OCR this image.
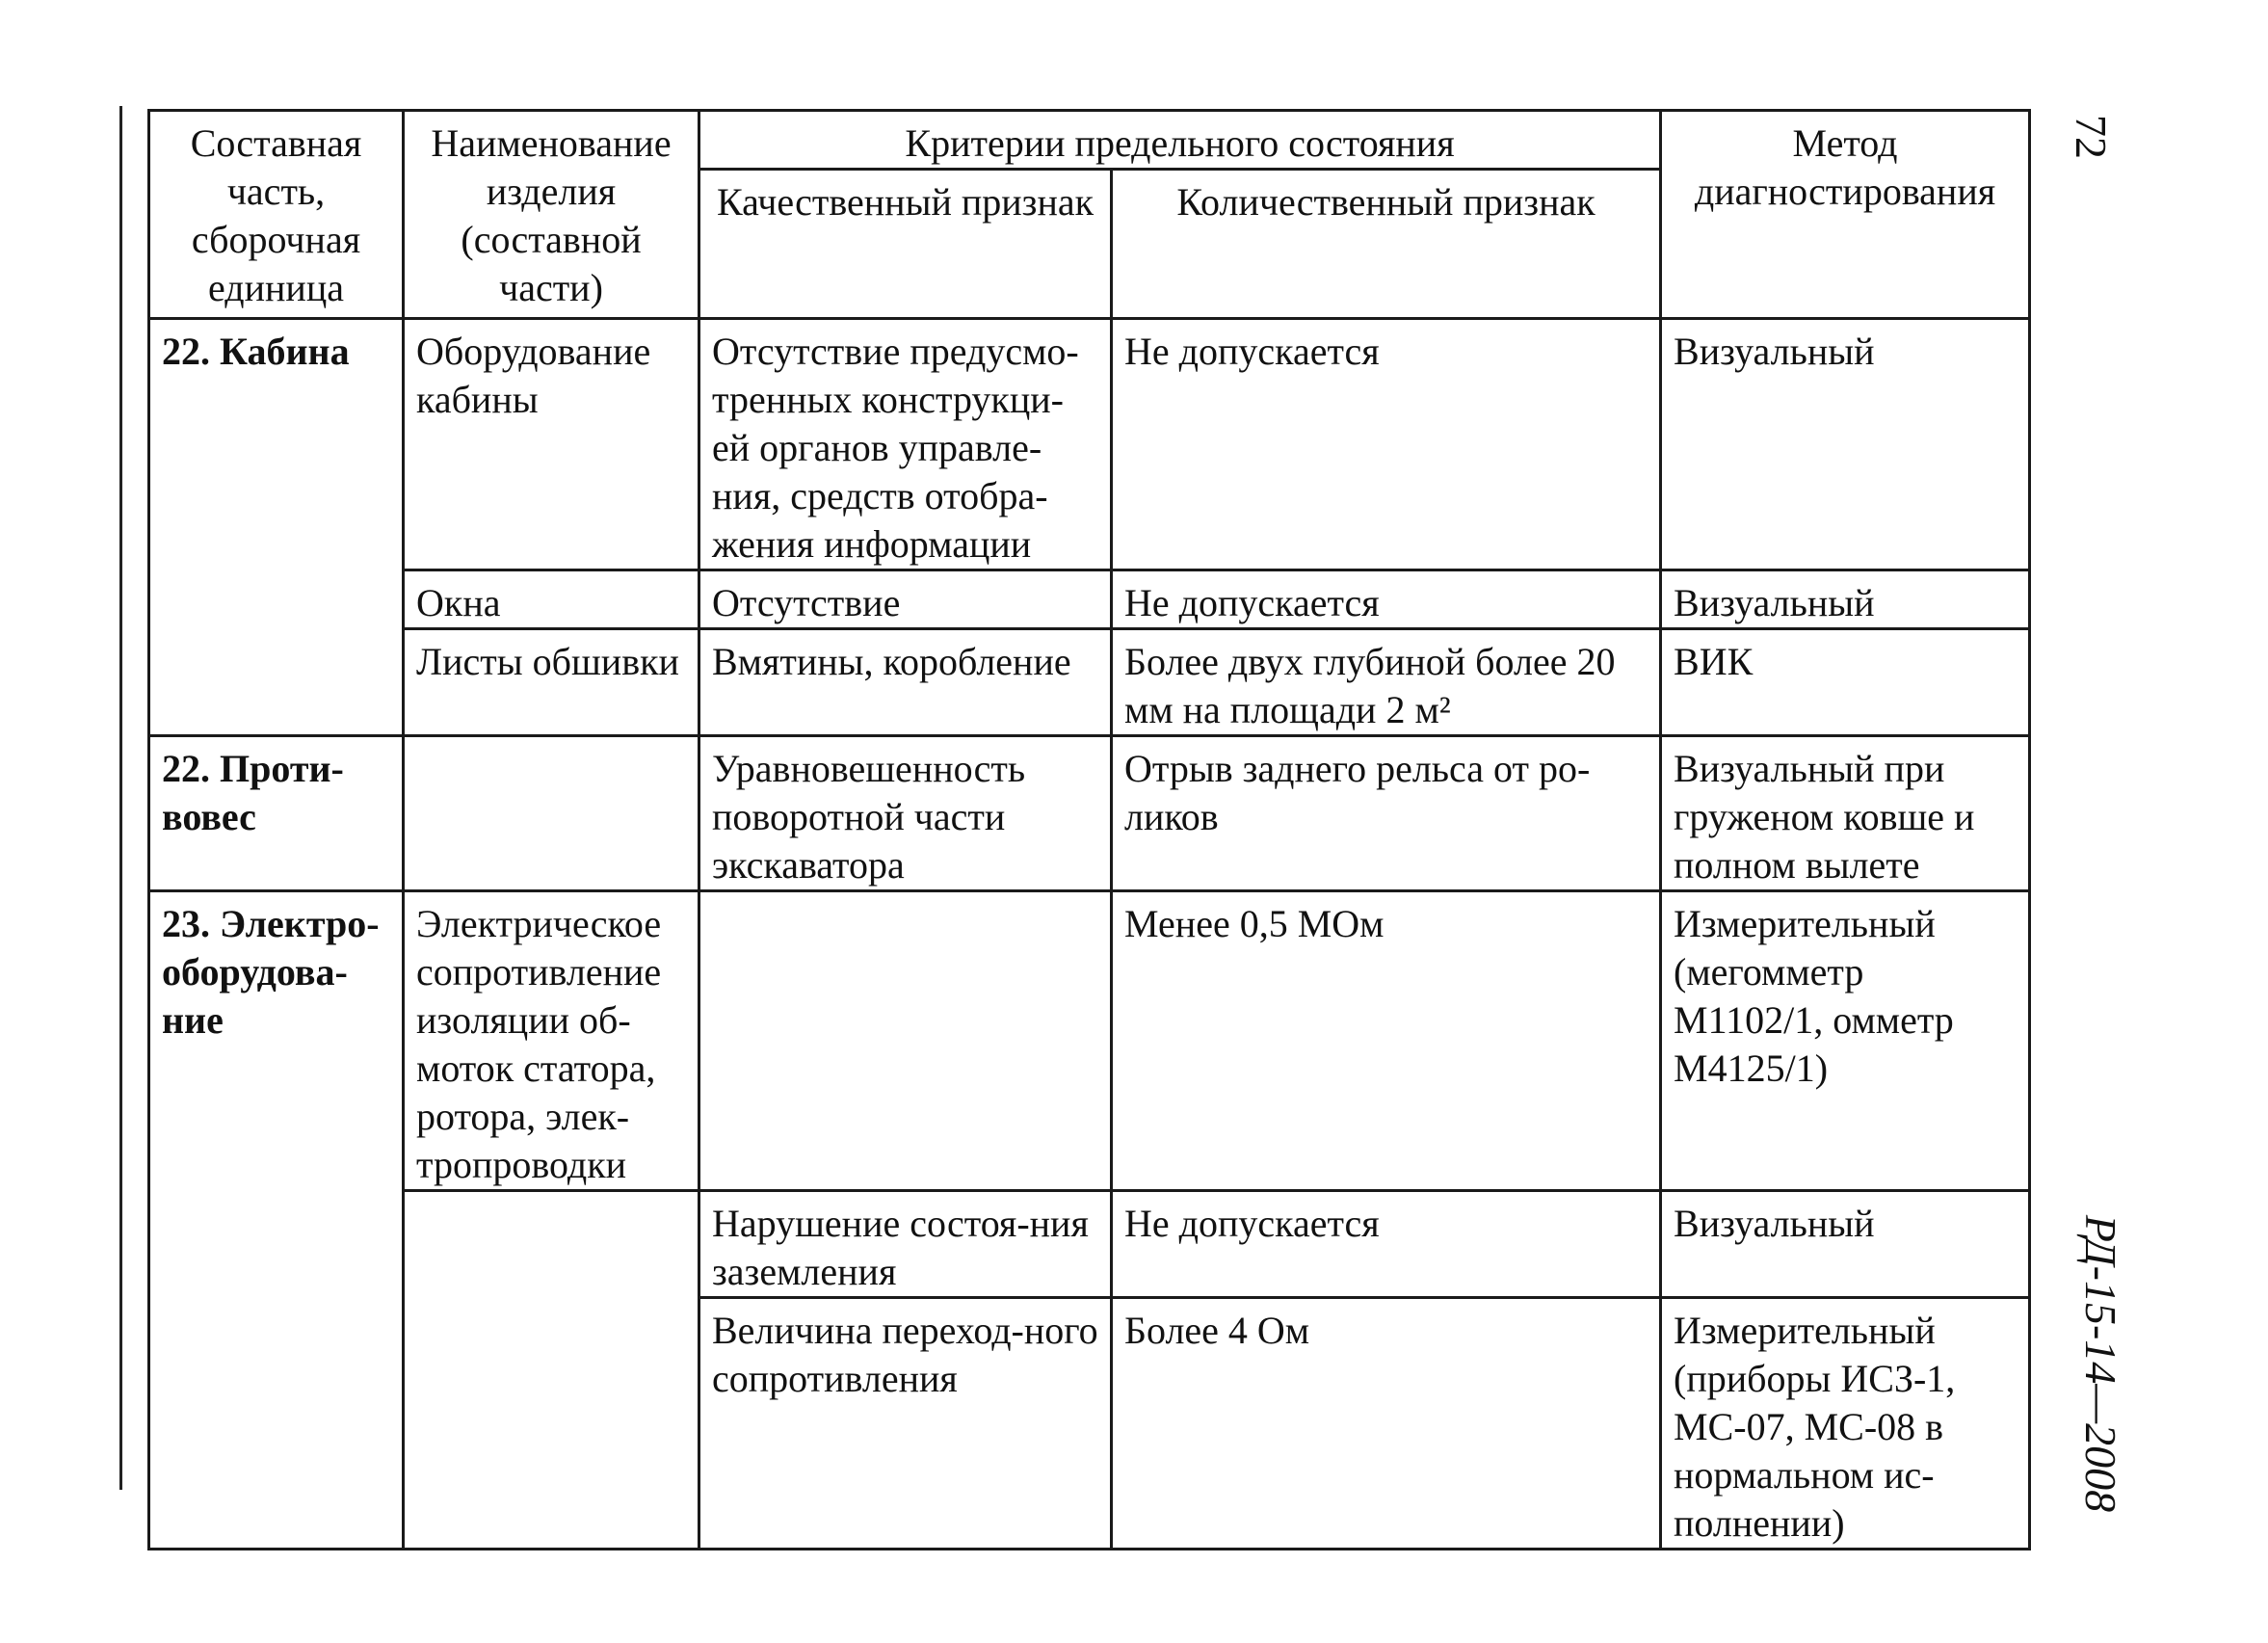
Составная часть, сборочная единица	Наименование изделия (составной части)	Критерии предельного состояния		Метод диагностирования
		Качественный признак	Количественный признак	
22. Кабина	Оборудование кабины	Отсутствие предусмо-тренных конструкци-ей органов управле-ния, средств отобра-жения информации	Не допускается	Визуальный
	Окна	Отсутствие	Не допускается	Визуальный
	Листы обшивки	Вмятины, коробление	Более двух глубиной более 20 мм на площади 2 м²	ВИК
22. Проти-вовес		Уравновешенность поворотной части экскаватора	Отрыв заднего рельса от ро-ликов	Визуальный при груженом ковше и полном вылете
23. Электро-оборудова-ние	Электрическое сопротивление изоляции об-моток статора, ротора, элек-тропроводки		Менее 0,5 МОм	Измерительный (мегомметр М1102/1, омметр М4125/1)
		Нарушение состоя-ния заземления	Не допускается	Визуальный
		Величина переход-ного сопротивления	Более 4 Ом	Измерительный (приборы ИСЗ-1, МС-07, МС-08 в нормальном ис-полнении)
72
РД-15-14—2008
